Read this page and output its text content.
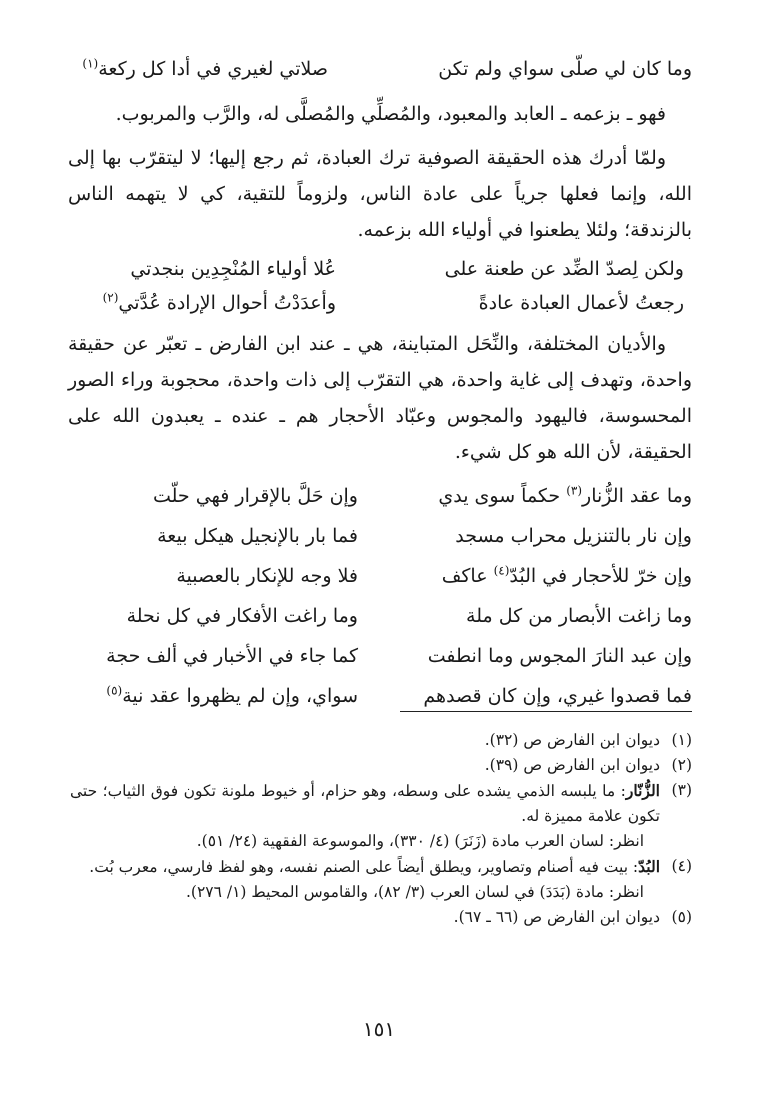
وما كان لي صلّى سواي ولم تكن
صلاتي لغيري في أدا كل ركعة$^{(١)}$

فهو ـ بزعمه ـ العابد والمعبود، والمُصلِّي والمُصلَّى له، والرَّب والمربوب.

ولمّا أدرك هذه الحقيقة الصوفية ترك العبادة، ثم رجع إليها؛ لا ليتقرّب بها إلى الله، وإنما فعلها جرياً على عادة الناس، ولزوماً للتقية، كي لا يتهمه الناس بالزندقة؛ ولئلا يطعنوا في أولياء الله بزعمه.

ولكن لِصدّ الضِّد عن طعنة على
عُلا أولياء المُنْجِدِين بنجدتي
رجعتُ لأعمال العبادة عادةً
وأعدَدْتُ أحوال الإرادة عُدَّتي$^{(٢)}$

والأديان المختلفة، والنِّحَل المتباينة، هي ـ عند ابن الفارض ـ تعبّر عن حقيقة واحدة، وتهدف إلى غاية واحدة، هي التقرّب إلى ذات واحدة، محجوبة وراء الصور المحسوسة، فاليهود والمجوس وعبّاد الأحجار هم ـ عنده ـ يعبدون الله على الحقيقة، لأن الله هو كل شيء.

وما عقد الزُّنار$^{(٣)}$ حكماً سوى يدي
وإن حَلَّ بالإقرار فهي حلّت
وإن نار بالتنزيل محراب مسجد
فما بار بالإنجيل هيكل بيعة
وإن خرّ للأحجار في البُدّ$^{(٤)}$ عاكف
فلا وجه للإنكار بالعصبية
وما زاغت الأبصار من كل ملة
وما راغت الأفكار في كل نحلة
وإن عبد النارَ المجوس وما انطفت
كما جاء في الأخبار في ألف حجة
فما قصدوا غيري، وإن كان قصدهم
سواي، وإن لم يظهروا عقد نية$^{(٥)}$
(١)
ديوان ابن الفارض ص (٣٢).
(٢)
ديوان ابن الفارض ص (٣٩).
(٣)
الزُّنّار: ما يلبسه الذمي يشده على وسطه، وهو حزام، أو خيوط ملونة تكون فوق الثياب؛ حتى تكون علامة مميزة له.
انظر: لسان العرب مادة (زَنَرَ) (٤/ ٣٣٠)، والموسوعة الفقهية (٢٤/ ٥١).
(٤)
البُدّ: بيت فيه أصنام وتصاوير، ويطلق أيضاً على الصنم نفسه، وهو لفظ فارسي، معرب بُت.
انظر: مادة (بَدَدَ) في لسان العرب (٣/ ٨٢)، والقاموس المحيط (١/ ٢٧٦).
(٥)
ديوان ابن الفارض ص (٦٦ ـ ٦٧).
١٥١
